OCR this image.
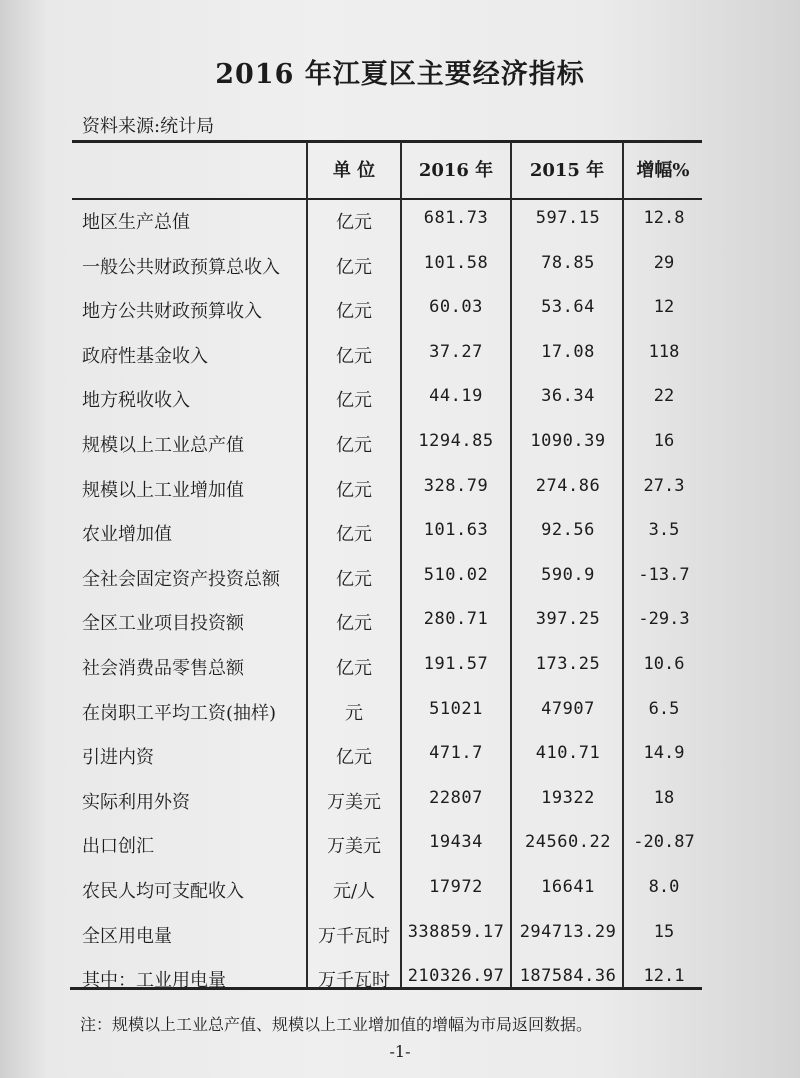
2016 年江夏区主要经济指标
资料来源:统计局
单 位	2016 年	2015 年	增幅%
地区生产总值	亿元	681.73	597.15	12.8
一般公共财政预算总收入	亿元	101.58	78.85	29
地方公共财政预算收入	亿元	60.03	53.64	12
政府性基金收入	亿元	37.27	17.08	118
地方税收收入	亿元	44.19	36.34	22
规模以上工业总产值	亿元	1294.85	1090.39	16
规模以上工业增加值	亿元	328.79	274.86	27.3
农业增加值	亿元	101.63	92.56	3.5
全社会固定资产投资总额	亿元	510.02	590.9	-13.7
全区工业项目投资额	亿元	280.71	397.25	-29.3
社会消费品零售总额	亿元	191.57	173.25	10.6
在岗职工平均工资(抽样)	元	51021	47907	6.5
引进内资	亿元	471.7	410.71	14.9
实际利用外资	万美元	22807	19322	18
出口创汇	万美元	19434	24560.22	-20.87
农民人均可支配收入	元/人	17972	16641	8.0
全区用电量	万千瓦时	338859.17 294713.29	15
其中：工业用电量	万千瓦时	210326.97 187584.36	12.1
注：规模以上工业总产值、规模以上工业增加值的增幅为市局返回数据。
-1-
